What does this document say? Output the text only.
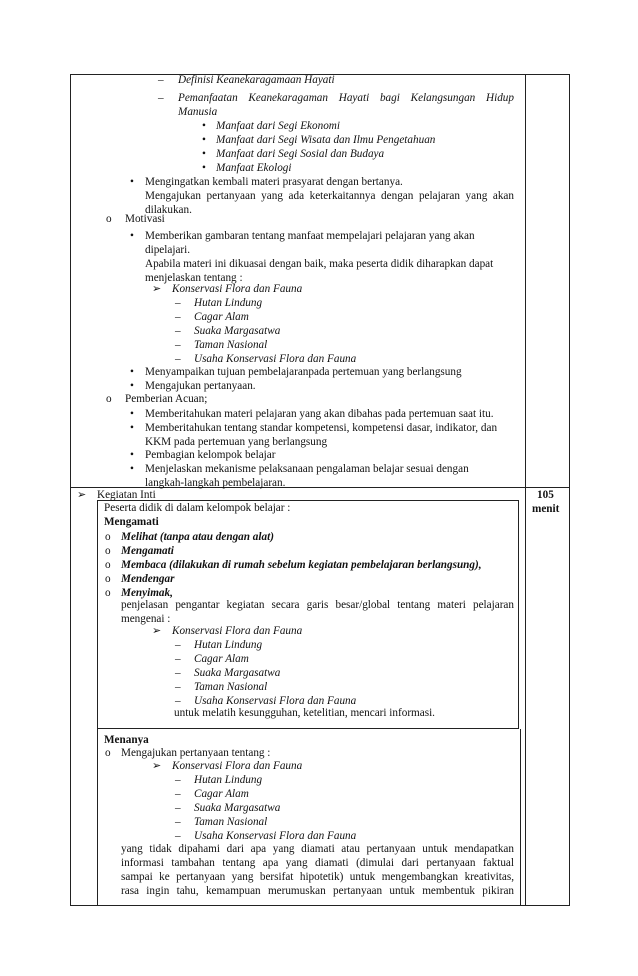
– Definisi Keanekaragamaan Hayati
– Pemanfaatan Keanekaragaman Hayati bagi Kelangsungan Hidup
Manusia
•
Manfaat dari Segi Ekonomi
•
Manfaat dari Segi Wisata dan Ilmu Pengetahuan
•
Manfaat dari Segi Sosial dan Budaya
•
Manfaat Ekologi
•
Mengingatkan kembali materi prasyarat dengan bertanya.
Mengajukan pertanyaan yang ada keterkaitannya dengan pelajaran yang akan
dilakukan.
o Motivasi
•
Memberikan gambaran tentang manfaat mempelajari pelajaran yang akan
dipelajari.
Apabila materi ini dikuasai dengan baik, maka peserta didik diharapkan dapat
menjelaskan tentang :
➢ Konservasi Flora dan Fauna
– Hutan Lindung
– Cagar Alam
– Suaka Margasatwa
– Taman Nasional
– Usaha Konservasi Flora dan Fauna
•
Menyampaikan tujuan pembelajaranpada pertemuan yang berlangsung
•
Mengajukan pertanyaan.
o Pemberian Acuan;
•
Memberitahukan materi pelajaran yang akan dibahas pada pertemuan saat itu.
•
Memberitahukan tentang standar kompetensi, kompetensi dasar, indikator, dan
KKM pada pertemuan yang berlangsung
•
Pembagian kelompok belajar
•
Menjelaskan mekanisme pelaksanaan pengalaman belajar sesuai dengan
langkah-langkah pembelajaran.
➢ Kegiatan Inti	105
menit
Peserta didik di dalam kelompok belajar :
Mengamati
o Melihat (tanpa atau dengan alat)
o Mengamati
o Membaca (dilakukan di rumah sebelum kegiatan pembelajaran berlangsung),
o Mendengar
o Menyimak,
penjelasan pengantar kegiatan secara garis besar/global tentang materi pelajaran
mengenai :
➢ Konservasi Flora dan Fauna
– Hutan Lindung
– Cagar Alam
– Suaka Margasatwa
– Taman Nasional
– Usaha Konservasi Flora dan Fauna
untuk melatih kesungguhan, ketelitian, mencari informasi.
Menanya
o Mengajukan pertanyaan tentang :
➢ Konservasi Flora dan Fauna
– Hutan Lindung
– Cagar Alam
– Suaka Margasatwa
– Taman Nasional
– Usaha Konservasi Flora dan Fauna
yang tidak dipahami dari apa yang diamati atau pertanyaan untuk mendapatkan
informasi tambahan tentang apa yang diamati (dimulai dari pertanyaan faktual
sampai ke pertanyaan yang bersifat hipotetik) untuk mengembangkan kreativitas,
rasa ingin tahu, kemampuan merumuskan pertanyaan untuk membentuk pikiran
